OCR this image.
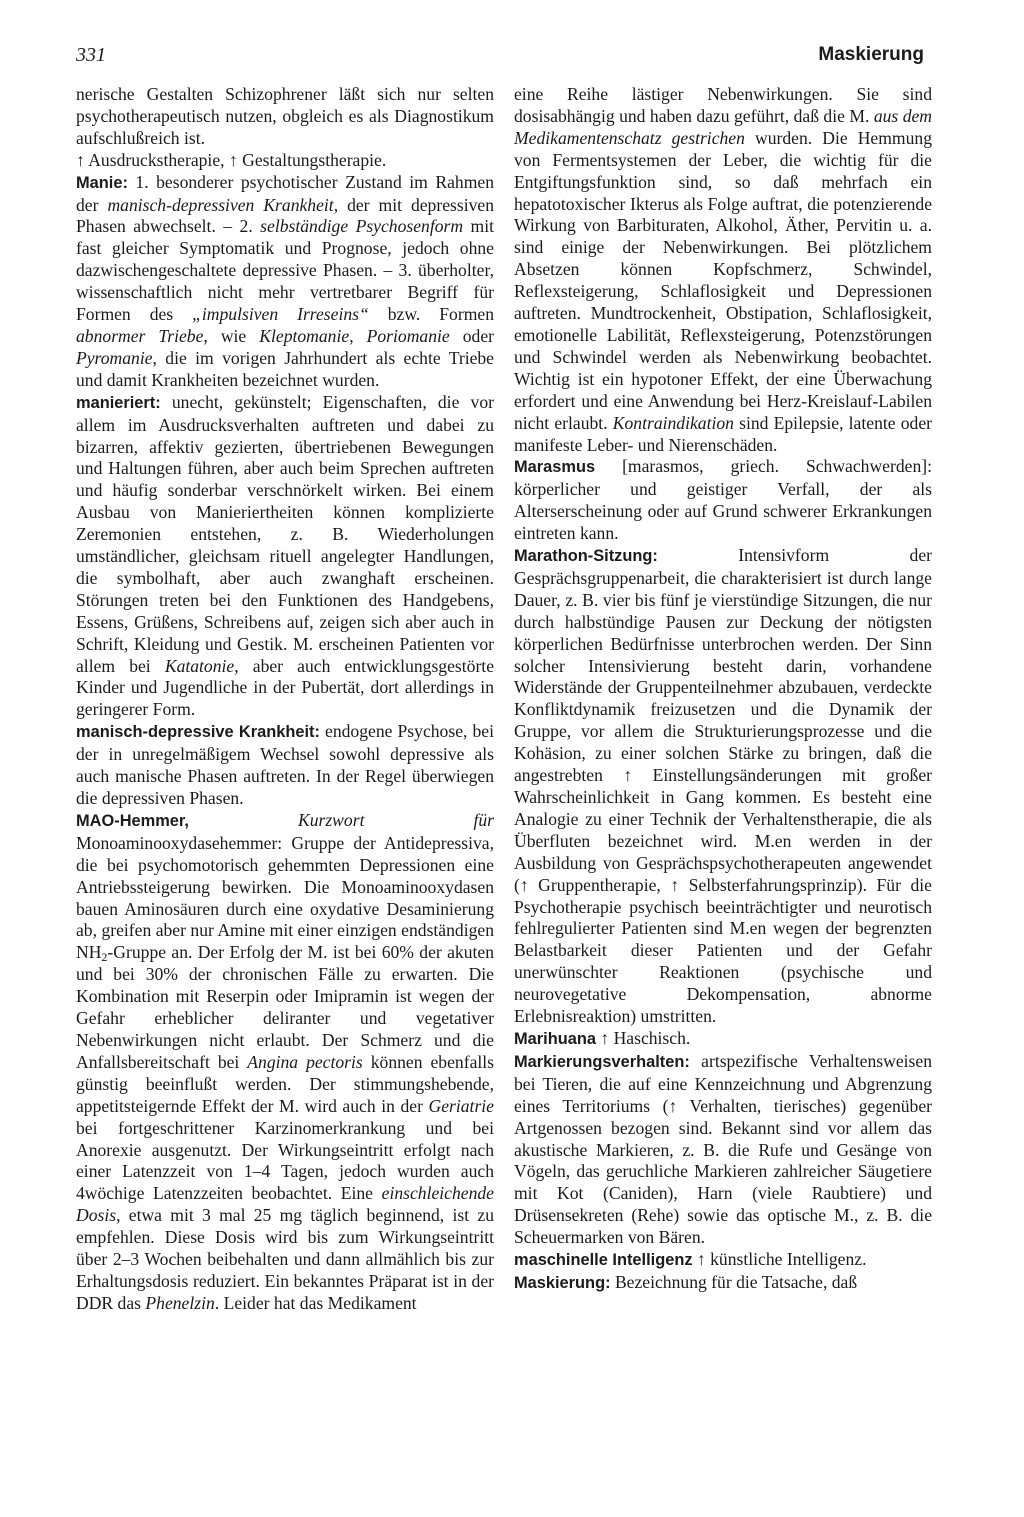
331	Maskierung

nerische Gestalten Schizophrener läßt sich nur selten psychotherapeutisch nutzen, obgleich es als Diagnostikum aufschlußreich ist.

↑ Ausdruckstherapie, ↑ Gestaltungstherapie.

Manie: 1. besonderer psychotischer Zustand im Rahmen der manisch-depressiven Krankheit, der mit depressiven Phasen abwechselt. – 2. selbständige Psychosenform mit fast gleicher Symptomatik und Prognose, jedoch ohne dazwischengeschaltete depressive Phasen. – 3. überholter, wissenschaftlich nicht mehr vertretbarer Begriff für Formen des „impulsiven Irreseins“ bzw. Formen abnormer Triebe, wie Kleptomanie, Poriomanie oder Pyromanie, die im vorigen Jahrhundert als echte Triebe und damit Krankheiten bezeichnet wurden.

manieriert: unecht, gekünstelt; Eigenschaften, die vor allem im Ausdrucksverhalten auftreten und dabei zu bizarren, affektiv gezierten, übertriebenen Bewegungen und Haltungen führen, aber auch beim Sprechen auftreten und häufig sonderbar verschnörkelt wirken. Bei einem Ausbau von Manieriertheiten können komplizierte Zeremonien entstehen, z. B. Wiederholungen umständlicher, gleichsam rituell angelegter Handlungen, die symbolhaft, aber auch zwanghaft erscheinen. Störungen treten bei den Funktionen des Handgebens, Essens, Grüßens, Schreibens auf, zeigen sich aber auch in Schrift, Kleidung und Gestik. M. erscheinen Patienten vor allem bei Katatonie, aber auch entwicklungsgestörte Kinder und Jugendliche in der Pubertät, dort allerdings in geringerer Form.

manisch-depressive Krankheit: endogene Psychose, bei der in unregelmäßigem Wechsel sowohl depressive als auch manische Phasen auftreten. In der Regel überwiegen die depressiven Phasen.

MAO-Hemmer, Kurzwort für Monoaminooxydasehemmer: Gruppe der Antidepressiva, die bei psychomotorisch gehemmten Depressionen eine Antriebssteigerung bewirken. Die Monoaminooxydasen bauen Aminosäuren durch eine oxydative Desaminierung ab, greifen aber nur Amine mit einer einzigen endständigen $NH_2$-Gruppe an. Der Erfolg der M. ist bei 60% der akuten und bei 30% der chronischen Fälle zu erwarten. Die Kombination mit Reserpin oder Imipramin ist wegen der Gefahr erheblicher deliranter und vegetativer Nebenwirkungen nicht erlaubt. Der Schmerz und die Anfallsbereitschaft bei Angina pectoris können ebenfalls günstig beeinflußt werden. Der stimmungshebende, appetitsteigernde Effekt der M. wird auch in der Geriatrie bei fortgeschrittener Karzinomerkrankung und bei Anorexie ausgenutzt. Der Wirkungseintritt erfolgt nach einer Latenzzeit von 1–4 Tagen, jedoch wurden auch 4wöchige Latenzzeiten beobachtet. Eine einschleichende Dosis, etwa mit 3 mal 25 mg täglich beginnend, ist zu empfehlen. Diese Dosis wird bis zum Wirkungseintritt über 2–3 Wochen beibehalten und dann allmählich bis zur Erhaltungsdosis reduziert. Ein bekanntes Präparat ist in der DDR das Phenelzin. Leider hat das Medikament

eine Reihe lästiger Nebenwirkungen. Sie sind dosisabhängig und haben dazu geführt, daß die M. aus dem Medikamentenschatz gestrichen wurden. Die Hemmung von Fermentsystemen der Leber, die wichtig für die Entgiftungsfunktion sind, so daß mehrfach ein hepatotoxischer Ikterus als Folge auftrat, die potenzierende Wirkung von Barbituraten, Alkohol, Äther, Pervitin u. a. sind einige der Nebenwirkungen. Bei plötzlichem Absetzen können Kopfschmerz, Schwindel, Reflexsteigerung, Schlaflosigkeit und Depressionen auftreten. Mundtrockenheit, Obstipation, Schlaflosigkeit, emotionelle Labilität, Reflexsteigerung, Potenzstörungen und Schwindel werden als Nebenwirkung beobachtet. Wichtig ist ein hypotoner Effekt, der eine Überwachung erfordert und eine Anwendung bei Herz-Kreislauf-Labilen nicht erlaubt. Kontraindikation sind Epilepsie, latente oder manifeste Leber- und Nierenschäden.

Marasmus [marasmos, griech. Schwachwerden]: körperlicher und geistiger Verfall, der als Alterserscheinung oder auf Grund schwerer Erkrankungen eintreten kann.

Marathon-Sitzung: Intensivform der Gesprächsgruppenarbeit, die charakterisiert ist durch lange Dauer, z. B. vier bis fünf je vierstündige Sitzungen, die nur durch halbstündige Pausen zur Deckung der nötigsten körperlichen Bedürfnisse unterbrochen werden. Der Sinn solcher Intensivierung besteht darin, vorhandene Widerstände der Gruppenteilnehmer abzubauen, verdeckte Konfliktdynamik freizusetzen und die Dynamik der Gruppe, vor allem die Strukturierungsprozesse und die Kohäsion, zu einer solchen Stärke zu bringen, daß die angestrebten ↑ Einstellungsänderungen mit großer Wahrscheinlichkeit in Gang kommen. Es besteht eine Analogie zu einer Technik der Verhaltenstherapie, die als Überfluten bezeichnet wird. M.en werden in der Ausbildung von Gesprächspsychotherapeuten angewendet (↑ Gruppentherapie, ↑ Selbsterfahrungsprinzip). Für die Psychotherapie psychisch beeinträchtigter und neurotisch fehlregulierter Patienten sind M.en wegen der begrenzten Belastbarkeit dieser Patienten und der Gefahr unerwünschter Reaktionen (psychische und neurovegetative Dekompensation, abnorme Erlebnisreaktion) umstritten.

Marihuana ↑ Haschisch.

Markierungsverhalten: artspezifische Verhaltensweisen bei Tieren, die auf eine Kennzeichnung und Abgrenzung eines Territoriums (↑ Verhalten, tierisches) gegenüber Artgenossen bezogen sind. Bekannt sind vor allem das akustische Markieren, z. B. die Rufe und Gesänge von Vögeln, das geruchliche Markieren zahlreicher Säugetiere mit Kot (Caniden), Harn (viele Raubtiere) und Drüsensekreten (Rehe) sowie das optische M., z. B. die Scheuermarken von Bären.

maschinelle Intelligenz ↑ künstliche Intelligenz.

Maskierung: Bezeichnung für die Tatsache, daß
